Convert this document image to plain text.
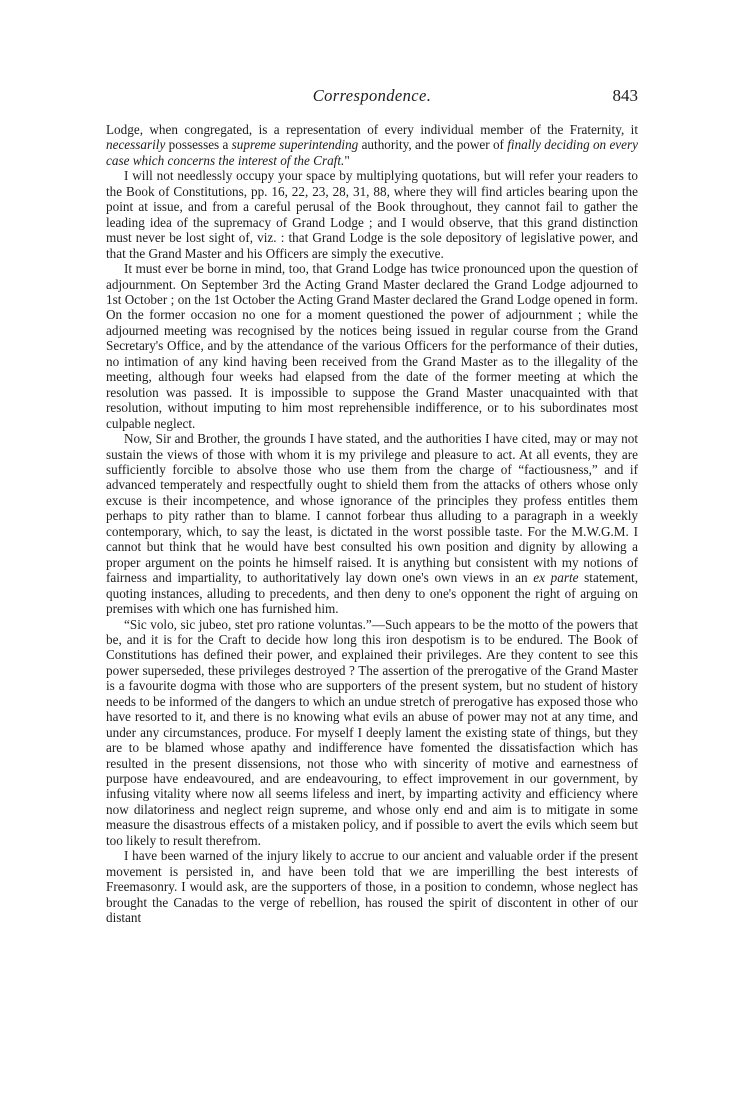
Correspondence.	843

Lodge, when congregated, is a representation of every individual member of the Fraternity, it necessarily possesses a supreme superintending authority, and the power of finally deciding on every case which concerns the interest of the Craft."

I will not needlessly occupy your space by multiplying quotations, but will refer your readers to the Book of Constitutions, pp. 16, 22, 23, 28, 31, 88, where they will find articles bearing upon the point at issue, and from a careful perusal of the Book throughout, they cannot fail to gather the leading idea of the supremacy of Grand Lodge ; and I would observe, that this grand distinction must never be lost sight of, viz. : that Grand Lodge is the sole depository of legislative power, and that the Grand Master and his Officers are simply the executive.

It must ever be borne in mind, too, that Grand Lodge has twice pronounced upon the question of adjournment. On September 3rd the Acting Grand Master declared the Grand Lodge adjourned to 1st October ; on the 1st October the Acting Grand Master declared the Grand Lodge opened in form. On the former occasion no one for a moment questioned the power of adjournment ; while the adjourned meeting was recognised by the notices being issued in regular course from the Grand Secretary's Office, and by the attendance of the various Officers for the performance of their duties, no intimation of any kind having been received from the Grand Master as to the illegality of the meeting, although four weeks had elapsed from the date of the former meeting at which the resolution was passed. It is impossible to suppose the Grand Master unacquainted with that resolution, without imputing to him most reprehensible indifference, or to his subordinates most culpable neglect.

Now, Sir and Brother, the grounds I have stated, and the authorities I have cited, may or may not sustain the views of those with whom it is my privilege and pleasure to act. At all events, they are sufficiently forcible to absolve those who use them from the charge of “factiousness,” and if advanced temperately and respectfully ought to shield them from the attacks of others whose only excuse is their incompetence, and whose ignorance of the principles they profess entitles them perhaps to pity rather than to blame. I cannot forbear thus alluding to a paragraph in a weekly contemporary, which, to say the least, is dictated in the worst possible taste. For the M.W.G.M. I cannot but think that he would have best consulted his own position and dignity by allowing a proper argument on the points he himself raised. It is anything but consistent with my notions of fairness and impartiality, to authoritatively lay down one's own views in an ex parte statement, quoting instances, alluding to precedents, and then deny to one's opponent the right of arguing on premises with which one has furnished him.

“Sic volo, sic jubeo, stet pro ratione voluntas.”—Such appears to be the motto of the powers that be, and it is for the Craft to decide how long this iron despotism is to be endured. The Book of Constitutions has defined their power, and explained their privileges. Are they content to see this power superseded, these privileges destroyed ? The assertion of the prerogative of the Grand Master is a favourite dogma with those who are supporters of the present system, but no student of history needs to be informed of the dangers to which an undue stretch of prerogative has exposed those who have resorted to it, and there is no knowing what evils an abuse of power may not at any time, and under any circumstances, produce. For myself I deeply lament the existing state of things, but they are to be blamed whose apathy and indifference have fomented the dissatisfaction which has resulted in the present dissensions, not those who with sincerity of motive and earnestness of purpose have endeavoured, and are endeavouring, to effect improvement in our government, by infusing vitality where now all seems lifeless and inert, by imparting activity and efficiency where now dilatoriness and neglect reign supreme, and whose only end and aim is to mitigate in some measure the disastrous effects of a mistaken policy, and if possible to avert the evils which seem but too likely to result therefrom.

I have been warned of the injury likely to accrue to our ancient and valuable order if the present movement is persisted in, and have been told that we are imperilling the best interests of Freemasonry. I would ask, are the supporters of those, in a position to condemn, whose neglect has brought the Canadas to the verge of rebellion, has roused the spirit of discontent in other of our distant
